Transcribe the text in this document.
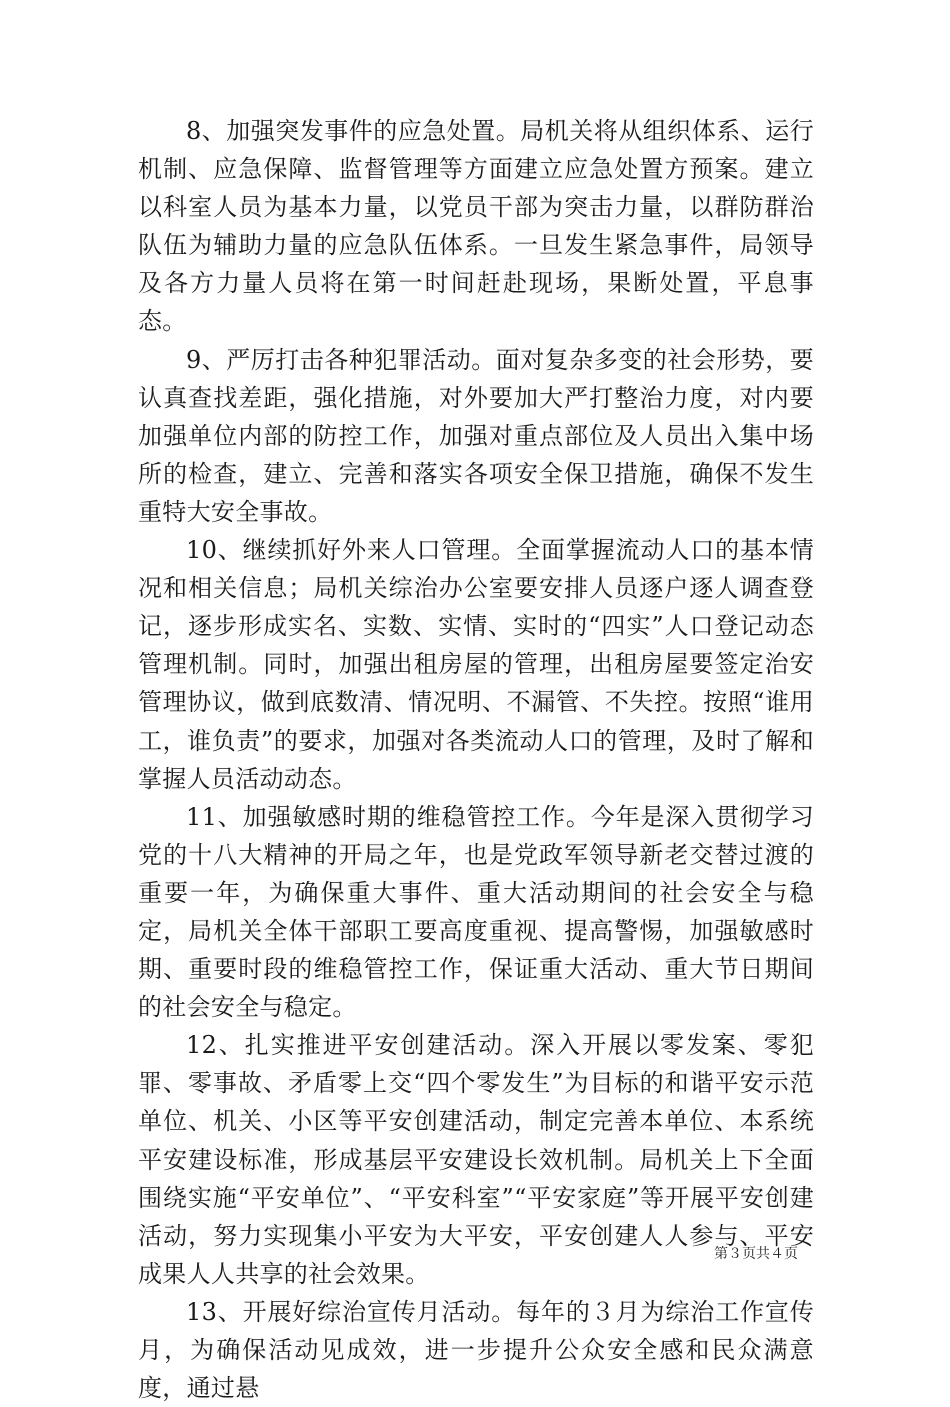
8、加强突发事件的应急处置。局机关将从组织体系、运行机制、应急保障、监督管理等方面建立应急处置方预案。建立以科室人员为基本力量，以党员干部为突击力量，以群防群治队伍为辅助力量的应急队伍体系。一旦发生紧急事件，局领导及各方力量人员将在第一时间赶赴现场，果断处置，平息事态。

9、严厉打击各种犯罪活动。面对复杂多变的社会形势，要认真查找差距，强化措施，对外要加大严打整治力度，对内要加强单位内部的防控工作，加强对重点部位及人员出入集中场所的检查，建立、完善和落实各项安全保卫措施，确保不发生重特大安全事故。

10、继续抓好外来人口管理。全面掌握流动人口的基本情况和相关信息；局机关综治办公室要安排人员逐户逐人调查登记，逐步形成实名、实数、实情、实时的“四实”人口登记动态管理机制。同时，加强出租房屋的管理，出租房屋要签定治安管理协议，做到底数清、情况明、不漏管、不失控。按照“谁用工，谁负责”的要求，加强对各类流动人口的管理，及时了解和掌握人员活动动态。

11、加强敏感时期的维稳管控工作。今年是深入贯彻学习党的十八大精神的开局之年，也是党政军领导新老交替过渡的重要一年，为确保重大事件、重大活动期间的社会安全与稳定，局机关全体干部职工要高度重视、提高警惕，加强敏感时期、重要时段的维稳管控工作，保证重大活动、重大节日期间的社会安全与稳定。

12、扎实推进平安创建活动。深入开展以零发案、零犯罪、零事故、矛盾零上交“四个零发生”为目标的和谐平安示范单位、机关、小区等平安创建活动，制定完善本单位、本系统平安建设标准，形成基层平安建设长效机制。局机关上下全面围绕实施“平安单位”、“平安科室”“平安家庭”等开展平安创建活动，努力实现集小平安为大平安，平安创建人人参与、平安成果人人共享的社会效果。

13、开展好综治宣传月活动。每年的３月为综治工作宣传月，为确保活动见成效，进一步提升公众安全感和民众满意度，通过悬

第３页共４页
